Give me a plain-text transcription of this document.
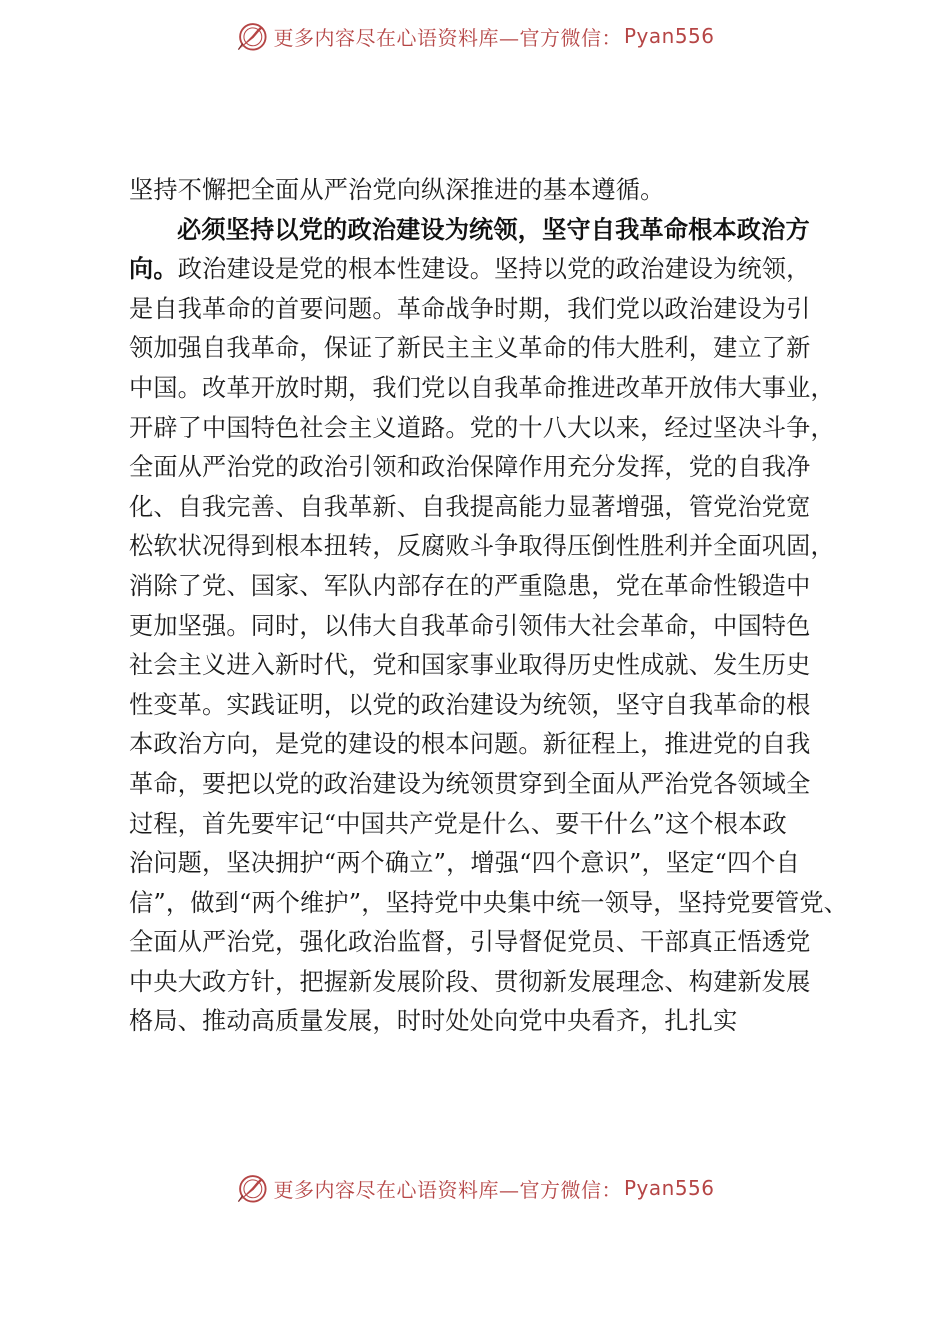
更多内容尽在心语资料库—官方微信： Pyan556
坚持不懈把全面从严治党向纵深推进的基本遵循。
必须坚持以党的政治建设为统领，坚守自我革命根本政治方
向。政治建设是党的根本性建设。坚持以党的政治建设为统领，
是自我革命的首要问题。革命战争时期，我们党以政治建设为引
领加强自我革命，保证了新民主主义革命的伟大胜利，建立了新
中国。改革开放时期，我们党以自我革命推进改革开放伟大事业，
开辟了中国特色社会主义道路。党的十八大以来，经过坚决斗争，
全面从严治党的政治引领和政治保障作用充分发挥，党的自我净
化、自我完善、自我革新、自我提高能力显著增强，管党治党宽
松软状况得到根本扭转，反腐败斗争取得压倒性胜利并全面巩固，
消除了党、国家、军队内部存在的严重隐患，党在革命性锻造中
更加坚强。同时，以伟大自我革命引领伟大社会革命，中国特色
社会主义进入新时代，党和国家事业取得历史性成就、发生历史
性变革。实践证明，以党的政治建设为统领，坚守自我革命的根
本政治方向，是党的建设的根本问题。新征程上，推进党的自我
革命，要把以党的政治建设为统领贯穿到全面从严治党各领域全
过程，首先要牢记“中国共产党是什么、要干什么”这个根本政
治问题，坚决拥护“两个确立”，增强“四个意识”，坚定“四个自
信”，做到“两个维护”，坚持党中央集中统一领导，坚持党要管党、
全面从严治党，强化政治监督，引导督促党员、干部真正悟透党
中央大政方针，把握新发展阶段、贯彻新发展理念、构建新发展
格局、推动高质量发展，时时处处向党中央看齐，扎扎实
更多内容尽在心语资料库—官方微信： Pyan556
